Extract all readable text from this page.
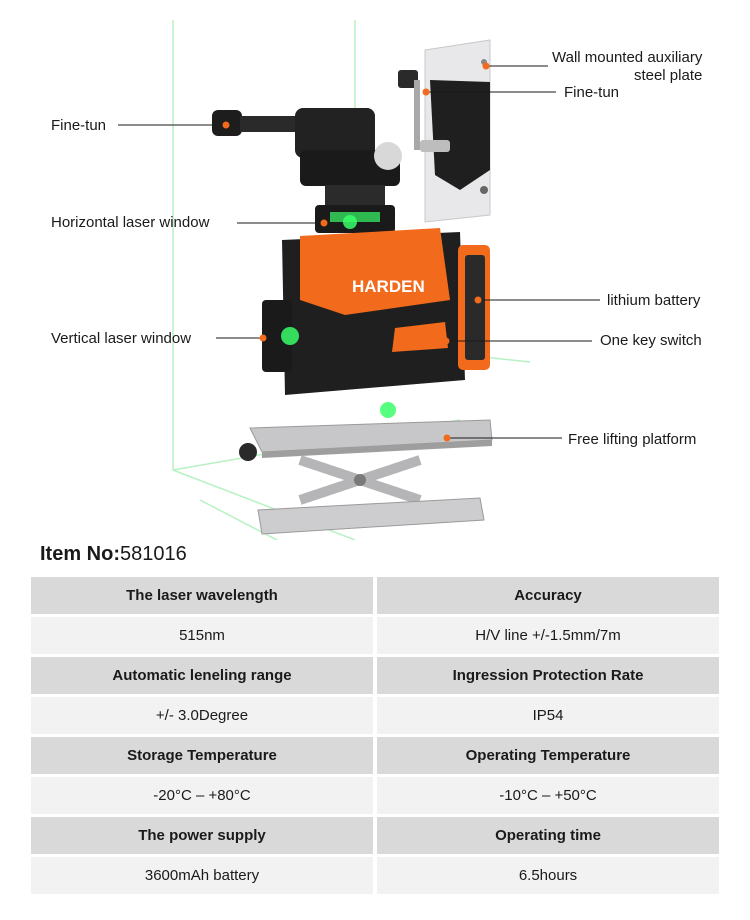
HARDEN
Wall mounted auxiliary
steel plate
Fine-tun
Fine-tun
Horizontal laser window
lithium battery
Vertical laser window	One key switch
Free lifting platform
Item No:581016
The laser wavelength	Accuracy
515nm	H/V line +/-1.5mm/7m
Automatic leneling range	Ingression Protection Rate
+/- 3.0Degree	IP54
Storage Temperature	Operating Temperature
-20°C – +80°C	-10°C – +50°C
The power supply	Operating time
3600mAh battery	6.5hours
